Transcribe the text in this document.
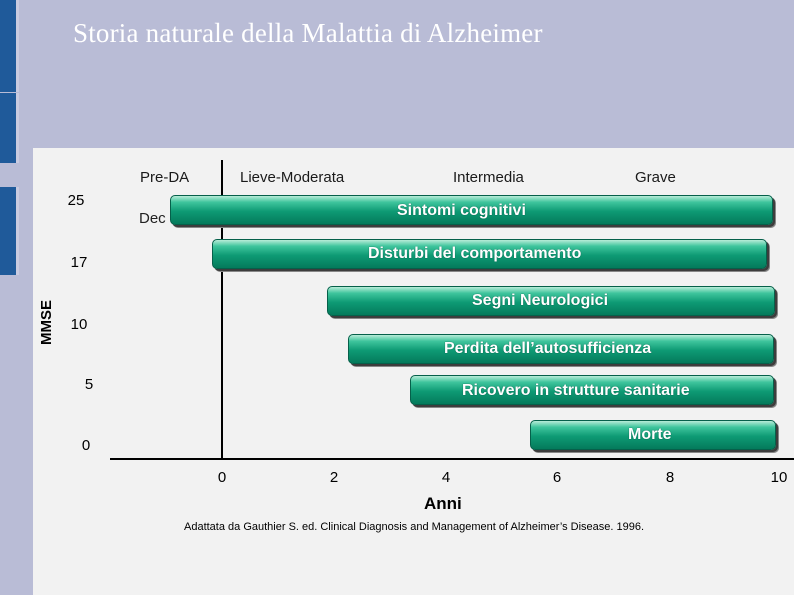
Storia naturale della Malattia di Alzheimer
Pre-DA	Lieve-Moderata	Intermedia	Grave
MMSE
25
17
10
5
0
Dec	Sintomi cognitivi
Disturbi del comportamento
Segni Neurologici
Perdita dell’autosufficienza
Ricovero in strutture sanitarie
Morte
0	2	4	6	8	10
Anni
Adattata da Gauthier S. ed. Clinical Diagnosis and Management of Alzheimer’s Disease. 1996.
